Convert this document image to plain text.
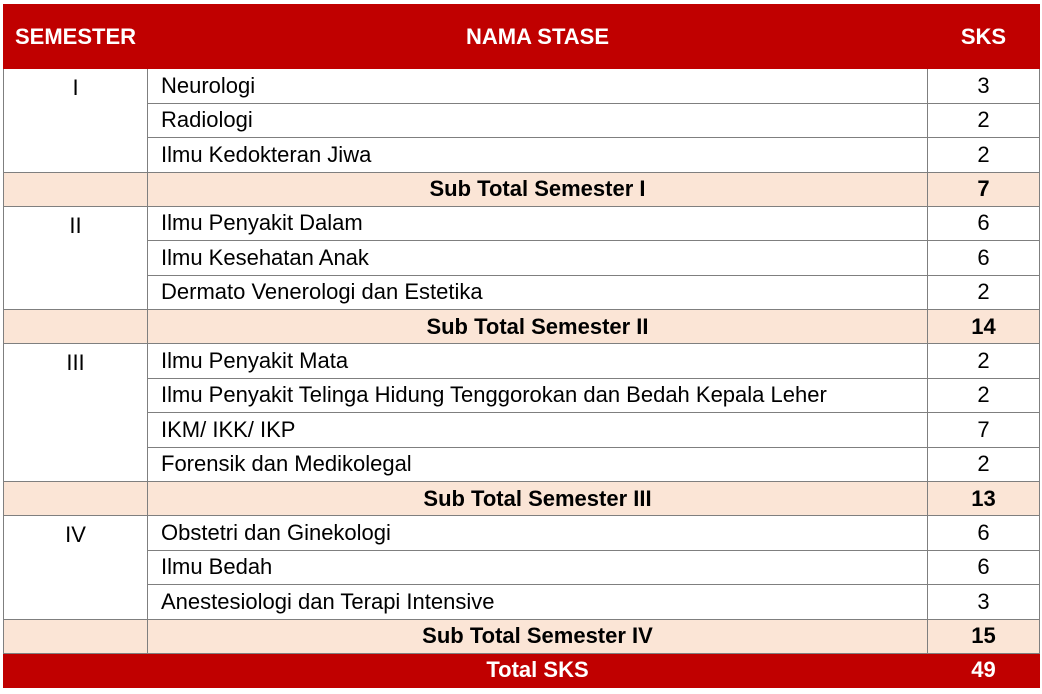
SEMESTER	NAMA STASE	SKS
I	Neurologi	3
	Radiologi	2
	Ilmu Kedokteran Jiwa	2
	Sub Total Semester I	7
II	Ilmu Penyakit Dalam	6
	Ilmu Kesehatan Anak	6
	Dermato Venerologi dan Estetika	2
	Sub Total Semester II	14
III	Ilmu Penyakit Mata	2
	Ilmu Penyakit Telinga Hidung Tenggorokan dan Bedah Kepala Leher	2
	IKM/ IKK/ IKP	7
	Forensik dan Medikolegal	2
	Sub Total Semester III	13
IV	Obstetri dan Ginekologi	6
	Ilmu Bedah	6
	Anestesiologi dan Terapi Intensive	3
	Sub Total Semester IV	15
	Total SKS	49
